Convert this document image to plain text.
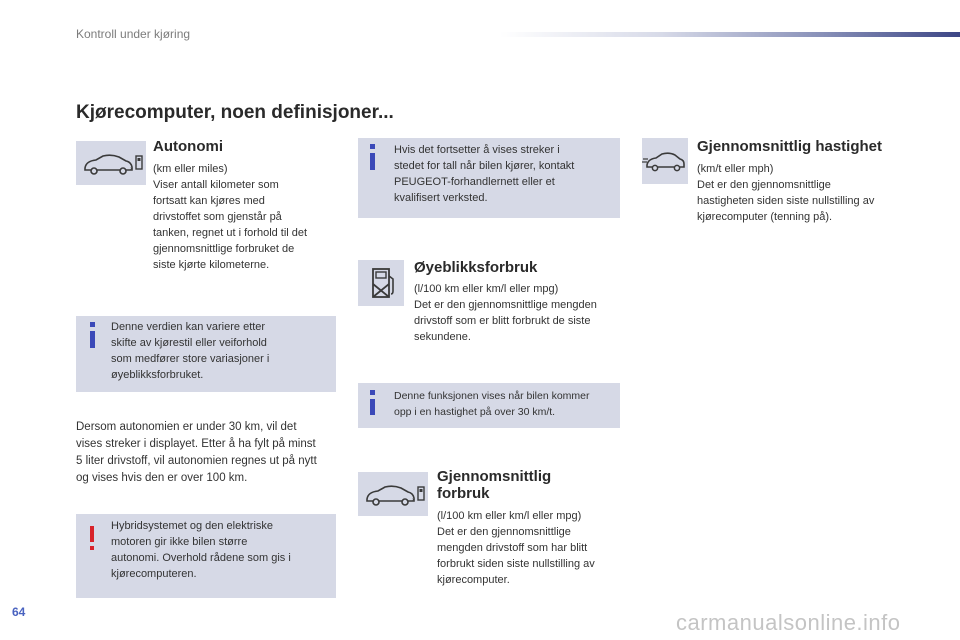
Kontroll under kjøring
Kjørecomputer, noen definisjoner...
»
Autonomi
(km eller miles)
Viser antall kilometer som
fortsatt kan kjøres med
drivstoffet som gjenstår på
tanken, regnet ut i forhold til det
gjennomsnittlige forbruket de
siste kjørte kilometerne.
Denne verdien kan variere etter
skifte av kjørestil eller veiforhold
som medfører store variasjoner i
øyeblikksforbruket.
Dersom autonomien er under 30 km, vil det
vises streker i displayet. Etter å ha fylt på minst
5 liter drivstoff, vil autonomien regnes ut på nytt
og vises hvis den er over 100 km.
Hybridsystemet og den elektriske
motoren gir ikke bilen større
autonomi. Overhold rådene som gis i
kjørecomputeren.
Hvis det fortsetter å vises streker i
stedet for tall når bilen kjører, kontakt
PEUGEOT-forhandlernett eller et
kvalifisert verksted.
Øyeblikksforbruk
(l/100 km eller km/l eller mpg)
Det er den gjennomsnittlige mengden
drivstoff som er blitt forbrukt de siste
sekundene.
Denne funksjonen vises når bilen kommer
opp i en hastighet på over 30 km/t.
»
Gjennomsnittlig
forbruk
(l/100 km eller km/l eller mpg)
Det er den gjennomsnittlige
mengden drivstoff som har blitt
forbrukt siden siste nullstilling av
kjørecomputer.
Gjennomsnittlig hastighet
(km/t eller mph)
Det er den gjennomsnittlige
hastigheten siden siste nullstilling av
kjørecomputer (tenning på).
64	carmanualsonline.info
